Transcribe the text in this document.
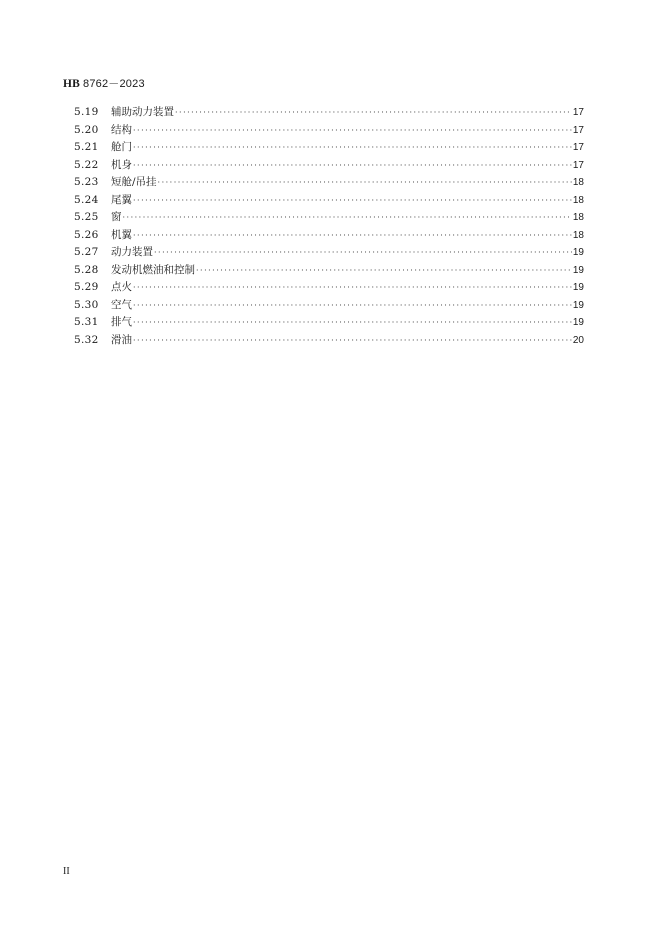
HB 8762－2023
5.19	辅助动力装置 ·····	17
5.20	结构 ·····	17
5.21	舱门 ·····	17
5.22	机身 ·····	17
5.23	短舱/吊挂 ·····	18
5.24	尾翼 ·····	18
5.25	窗 ·····	18
5.26	机翼 ·····	18
5.27	动力装置 ·····	19
5.28	发动机燃油和控制 ·····	19
5.29	点火 ·····	19
5.30	空气 ·····	19
5.31	排气 ·····	19
5.32	滑油 ·····	20
II
